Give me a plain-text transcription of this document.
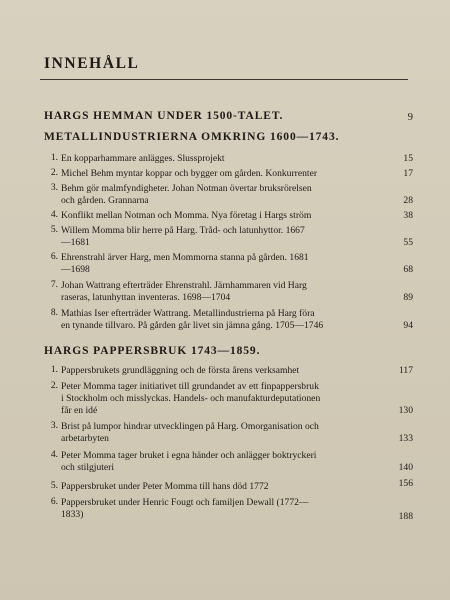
INNEHÅLL
HARGS HEMMAN UNDER 1500-TALET.	9
METALLINDUSTRIERNA OMKRING 1600—1743.
1. En kopparhammare anlägges. Slussprojekt	15
2. Michel Behm myntar koppar och bygger om gården. Konkurrenter	17
3. Behm gör malmfyndigheter. Johan Notman övertar bruksrörelsen
och gården. Grannarna	28
4. Konflikt mellan Notman och Momma. Nya företag i Hargs ström	38
5. Willem Momma blir herre på Harg. Tråd- och latunhyttor. 1667
—1681	55
6. Ehrenstrahl ärver Harg, men Mommorna stanna på gården. 1681
—1698	68
7. Johan Wattrang efterträder Ehrenstrahl. Järnhammaren vid Harg
raseras, latunhyttan inventeras. 1698—1704	89
8. Mathias Iser efterträder Wattrang. Metallindustrierna på Harg föra
en tynande tillvaro. På gården går livet sin jämna gång. 1705—1746	94
HARGS PAPPERSBRUK 1743—1859.
1. Pappersbrukets grundläggning och de första årens verksamhet	117
2. Peter Momma tager initiativet till grundandet av ett finpappersbruk
i Stockholm och misslyckas. Handels- och manufakturdeputationen
får en idé	130
3. Brist på lumpor hindrar utvecklingen på Harg. Omorganisation och
arbetarbyten	133
4. Peter Momma tager bruket i egna händer och anlägger boktryckeri
och stilgjuteri	140
5. Pappersbruket under Peter Momma till hans död 1772	156
6. Pappersbruket under Henric Fougt och familjen Dewall (1772—
1833)	188
